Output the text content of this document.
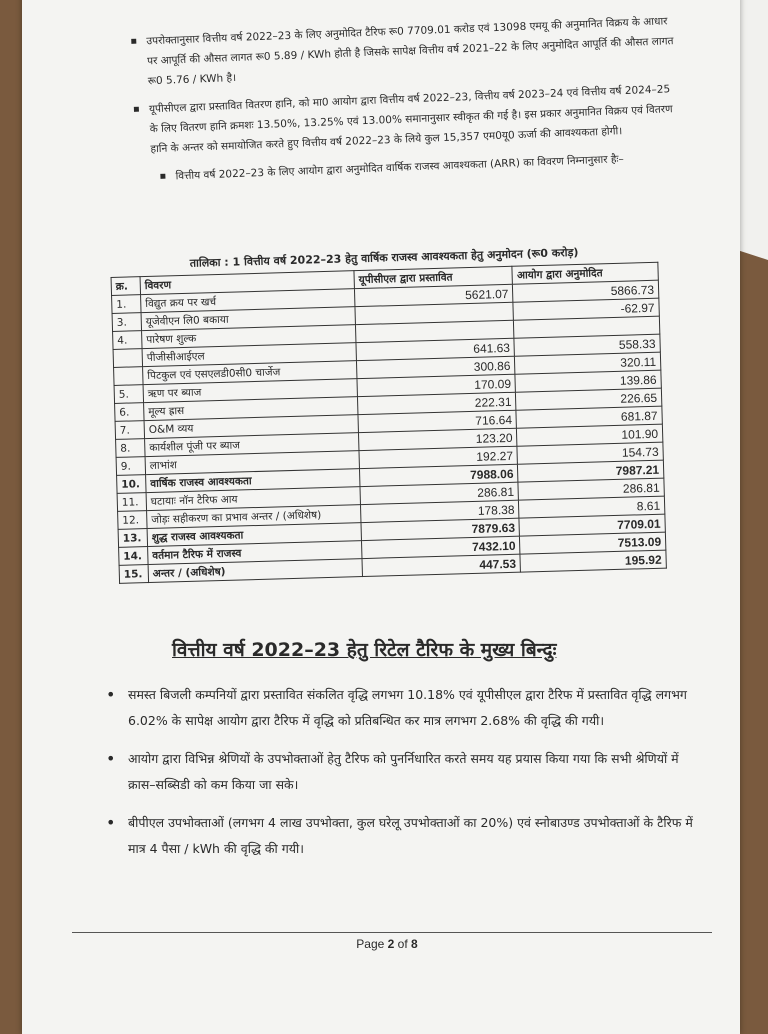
▪ उपरोक्तानुसार वित्तीय वर्ष 2022–23 के लिए अनुमोदित टैरिफ रू0 7709.01 करोड एवं 13098 एमयू की अनुमानित विक्रय के आधार पर आपूर्ति की औसत लागत रू0 5.89 / KWh होती है जिसके सापेक्ष वित्तीय वर्ष 2021–22 के लिए अनुमोदित आपूर्ति की औसत लागत रू0 5.76 / KWh है।

▪ यूपीसीएल द्वारा प्रस्तावित वितरण हानि, को मा0 आयोग द्वारा वित्तीय वर्ष 2022–23, वित्तीय वर्ष 2023–24 एवं वित्तीय वर्ष 2024–25 के लिए वितरण हानि क्रमशः 13.50%, 13.25% एवं 13.00% समानानुसार स्वीकृत की गई है। इस प्रकार अनुमानित विक्रय एवं वितरण हानि के अन्तर को समायोजित करते हुए वित्तीय वर्ष 2022–23 के लिये कुल 15,357 एम0यू0 ऊर्जा की आवश्यकता होगी।

▪ वित्तीय वर्ष 2022–23 के लिए आयोग द्वारा अनुमोदित वार्षिक राजस्व आवश्यकता (ARR) का विवरण निम्नानुसार हैः–

तालिका : 1 वित्तीय वर्ष 2022–23 हेतु वार्षिक राजस्व आवश्यकता हेतु अनुमोदन (रू0 करोड़)
क्र.	विवरण	यूपीसीएल द्वारा प्रस्तावित	आयोग द्वारा अनुमोदित
1.	विद्युत क्रय पर खर्च	5621.07	5866.73
3.	यूजेवीएन लि0 बकाया		-62.97
4.	पारेषण शुल्क		
	पीजीसीआईएल	641.63	558.33
	पिटकुल एवं एसएलडी0सी0 चार्जेज	300.86	320.11
5.	ऋण पर ब्याज	170.09	139.86
6.	मूल्य ह्रास	222.31	226.65
7.	O&M व्यय	716.64	681.87
8.	कार्यशील पूंजी पर ब्याज	123.20	101.90
9.	लाभांश	192.27	154.73
10.	वार्षिक राजस्व आवश्यकता	7988.06	7987.21
11.	घटायाः नॉन टैरिफ आय	286.81	286.81
12.	जोड़ः सहीकरण का प्रभाव अन्तर / (अधिशेष)	178.38	8.61
13.	शुद्ध राजस्व आवश्यकता	7879.63	7709.01
14.	वर्तमान टैरिफ में राजस्व	7432.10	7513.09
15.	अन्तर / (अधिशेष)	447.53	195.92
वित्तीय वर्ष 2022–23 हेतु रिटेल टैरिफ के मुख्य बिन्दुः

• समस्त बिजली कम्पनियों द्वारा प्रस्तावित संकलित वृद्धि लगभग 10.18% एवं यूपीसीएल द्वारा टैरिफ में प्रस्तावित वृद्धि लगभग 6.02% के सापेक्ष आयोग द्वारा टैरिफ में वृद्धि को प्रतिबन्धित कर मात्र लगभग 2.68% की वृद्धि की गयी।

• आयोग द्वारा विभिन्न श्रेणियों के उपभोक्ताओं हेतु टैरिफ को पुनर्निधारित करते समय यह प्रयास किया गया कि सभी श्रेणियों में क्रास–सब्सिडी को कम किया जा सके।

• बीपीएल उपभोक्ताओं (लगभग 4 लाख उपभोक्ता, कुल घरेलू उपभोक्ताओं का 20%) एवं स्नोबाउण्ड उपभोक्ताओं के टैरिफ में मात्र 4 पैसा / kWh की वृद्धि की गयी।

Page 2 of 8
